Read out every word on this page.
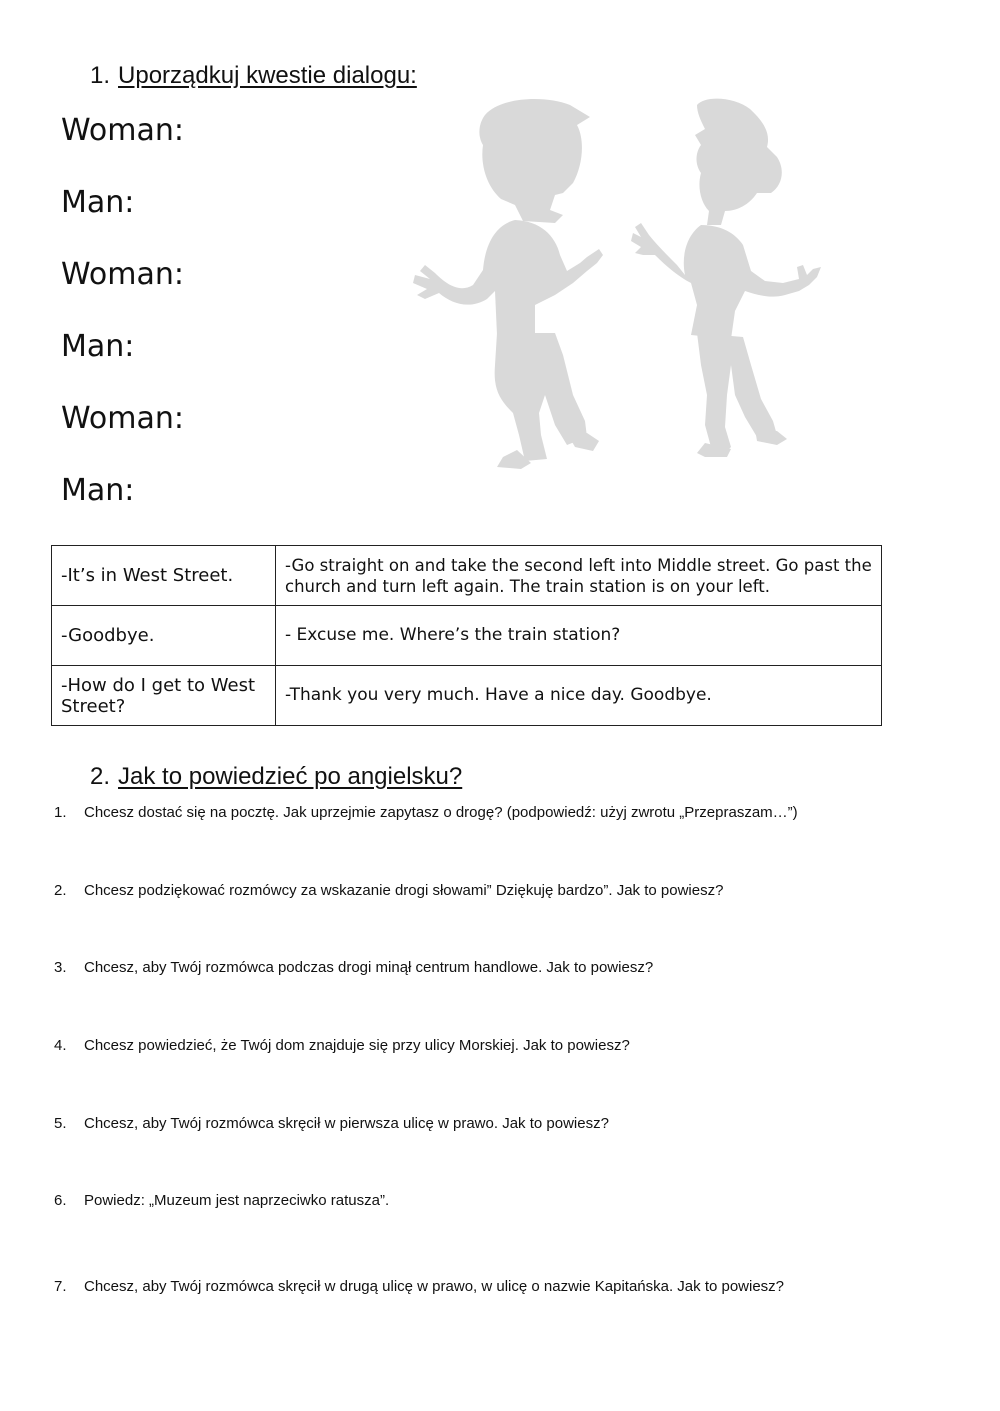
1. Uporządkuj kwestie dialogu:
Woman:
Man:
Woman:
Man:
Woman:
Man:
-It’s in West Street.	-Go straight on and take the second left into Middle street. Go past the church and turn left again. The train station is on your left.
-Goodbye.	- Excuse me. Where’s the train station?
-How do I get to West Street?	-Thank you very much. Have a nice day. Goodbye.
2. Jak to powiedzieć po angielsku?
1. Chcesz dostać się na pocztę. Jak uprzejmie zapytasz o drogę? (podpowiedź: użyj zwrotu „Przepraszam…”)
2. Chcesz podziękować rozmówcy za wskazanie drogi słowami” Dziękuję bardzo”. Jak to powiesz?
3. Chcesz, aby Twój rozmówca podczas drogi minął centrum handlowe. Jak to powiesz?
4. Chcesz powiedzieć, że Twój dom znajduje się przy ulicy Morskiej. Jak to powiesz?
5. Chcesz, aby Twój rozmówca skręcił w pierwsza ulicę w prawo. Jak to powiesz?
6. Powiedz: „Muzeum jest naprzeciwko ratusza”.
7. Chcesz, aby Twój rozmówca skręcił w drugą ulicę w prawo, w ulicę o nazwie Kapitańska. Jak to powiesz?
